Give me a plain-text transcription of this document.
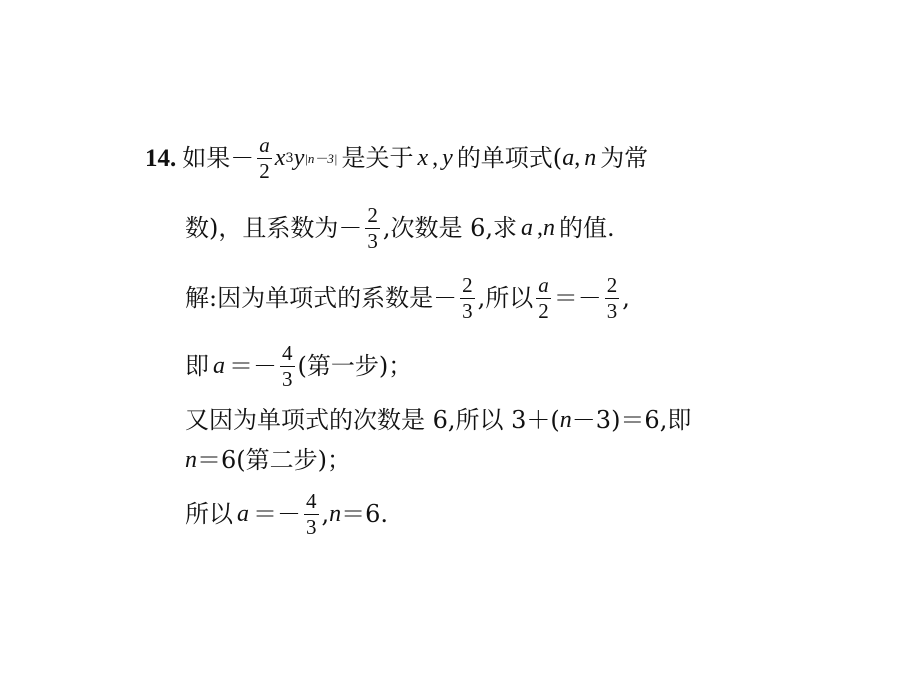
14. 如果 － $\frac{a}{2}$ x 3 y |n－3| 是关于 x , y 的单项式( a , n 为常
数)，且系数为－ $\frac{2}{3}$ ,次数是 6,求 a , n 的值.
解:因为单项式的系数是－ $\frac{2}{3}$ ,所以 $\frac{a}{2} =- \frac{2}{3}$ ,
即 $a =- \frac{4}{3}$ (第一步)；
又因为单项式的次数是 6,所以 3＋( n －3)＝6,即
n ＝6(第二步)；
所以 $a =- \frac{4}{3}$ , n ＝6.
